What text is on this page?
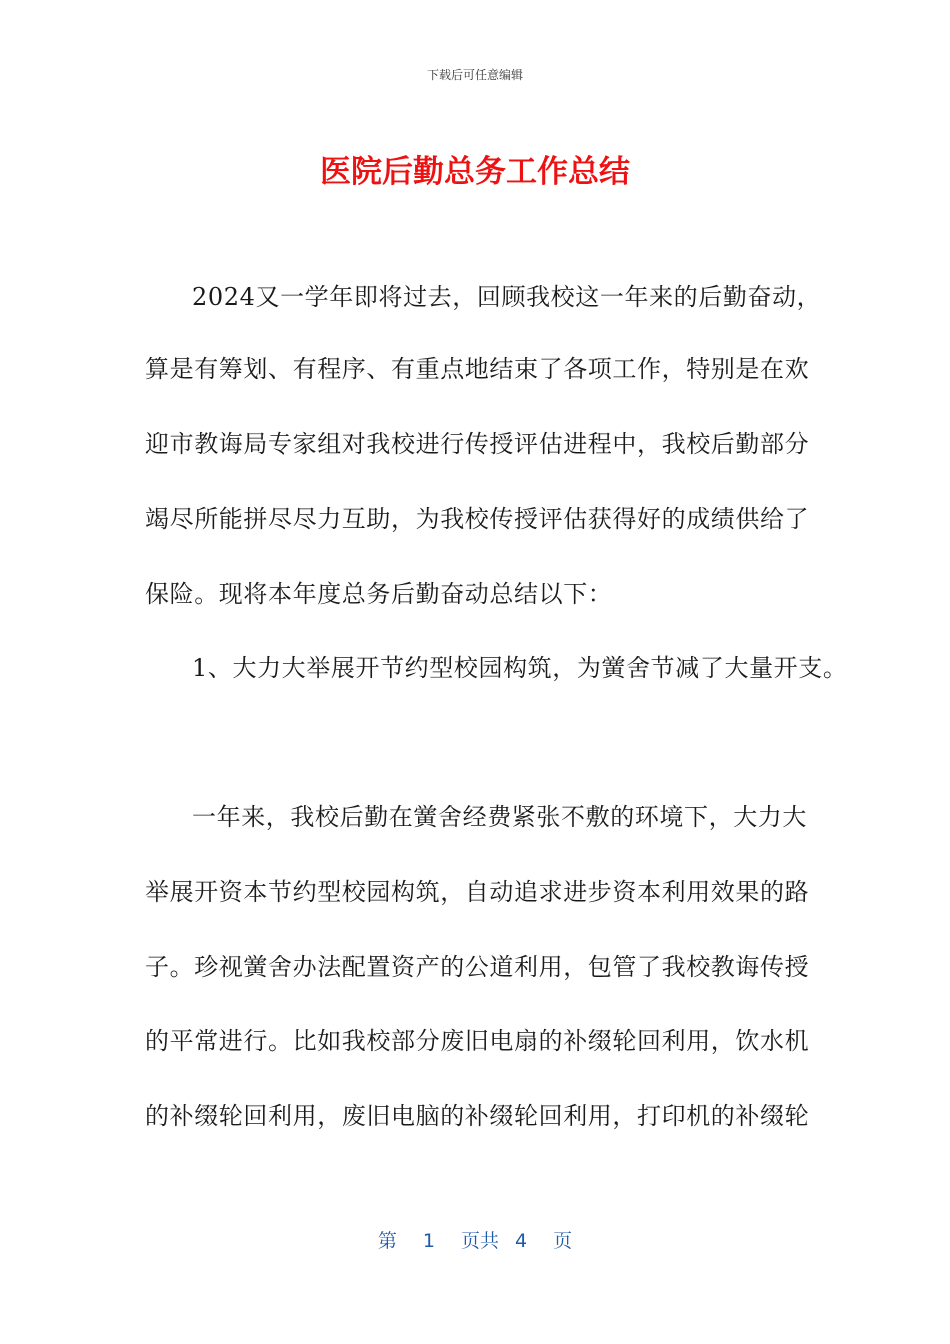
下载后可任意编辑
医院后勤总务工作总结
2024又一学年即将过去，回顾我校这一年来的后勤奋动，
算是有筹划、有程序、有重点地结束了各项工作，特别是在欢
迎市教诲局专家组对我校进行传授评估进程中，我校后勤部分
竭尽所能拼尽尽力互助，为我校传授评估获得好的成绩供给了
保险。现将本年度总务后勤奋动总结以下：
1、大力大举展开节约型校园构筑，为黉舍节减了大量开支。
一年来，我校后勤在黉舍经费紧张不敷的环境下，大力大
举展开资本节约型校园构筑，自动追求进步资本利用效果的路
子。珍视黉舍办法配置资产的公道利用，包管了我校教诲传授
的平常进行。比如我校部分废旧电扇的补缀轮回利用，饮水机
的补缀轮回利用，废旧电脑的补缀轮回利用，打印机的补缀轮
第 1 页共 4 页
